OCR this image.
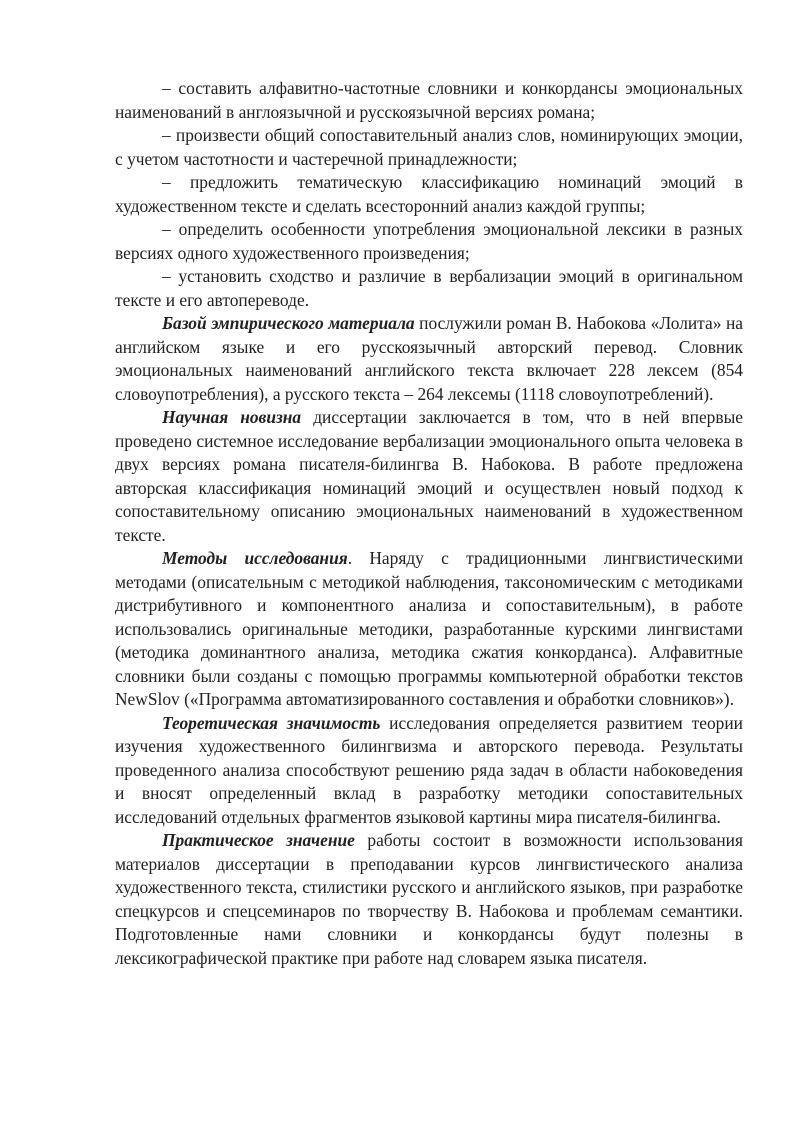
– составить алфавитно-частотные словники и конкордансы эмоциональных наименований в англоязычной и русскоязычной версиях романа;

– произвести общий сопоставительный анализ слов, номинирующих эмоции, с учетом частотности и частеречной принадлежности;

– предложить тематическую классификацию номинаций эмоций в художественном тексте и сделать всесторонний анализ каждой группы;

– определить особенности употребления эмоциональной лексики в разных версиях одного художественного произведения;

– установить сходство и различие в вербализации эмоций в оригинальном тексте и его автопереводе.

Базой эмпирического материала послужили роман В. Набокова «Лолита» на английском языке и его русскоязычный авторский перевод. Словник эмоциональных наименований английского текста включает 228 лексем (854 словоупотребления), а русского текста – 264 лексемы (1118 словоупотреблений).

Научная новизна диссертации заключается в том, что в ней впервые проведено системное исследование вербализации эмоционального опыта человека в двух версиях романа писателя-билингва В. Набокова. В работе предложена авторская классификация номинаций эмоций и осуществлен новый подход к сопоставительному описанию эмоциональных наименований в художественном тексте.

Методы исследования. Наряду с традиционными лингвистическими методами (описательным с методикой наблюдения, таксономическим с методиками дистрибутивного и компонентного анализа и сопоставительным), в работе использовались оригинальные методики, разработанные курскими лингвистами (методика доминантного анализа, методика сжатия конкорданса). Алфавитные словники были созданы с помощью программы компьютерной обработки текстов NewSlov («Программа автоматизированного составления и обработки словников»).

Теоретическая значимость исследования определяется развитием теории изучения художественного билингвизма и авторского перевода. Результаты проведенного анализа способствуют решению ряда задач в области набоковедения и вносят определенный вклад в разработку методики сопоставительных исследований отдельных фрагментов языковой картины мира писателя-билингва.

Практическое значение работы состоит в возможности использования материалов диссертации в преподавании курсов лингвистического анализа художественного текста, стилистики русского и английского языков, при разработке спецкурсов и спецсеминаров по творчеству В. Набокова и проблемам семантики. Подготовленные нами словники и конкордансы будут полезны в лексикографической практике при работе над словарем языка писателя.
